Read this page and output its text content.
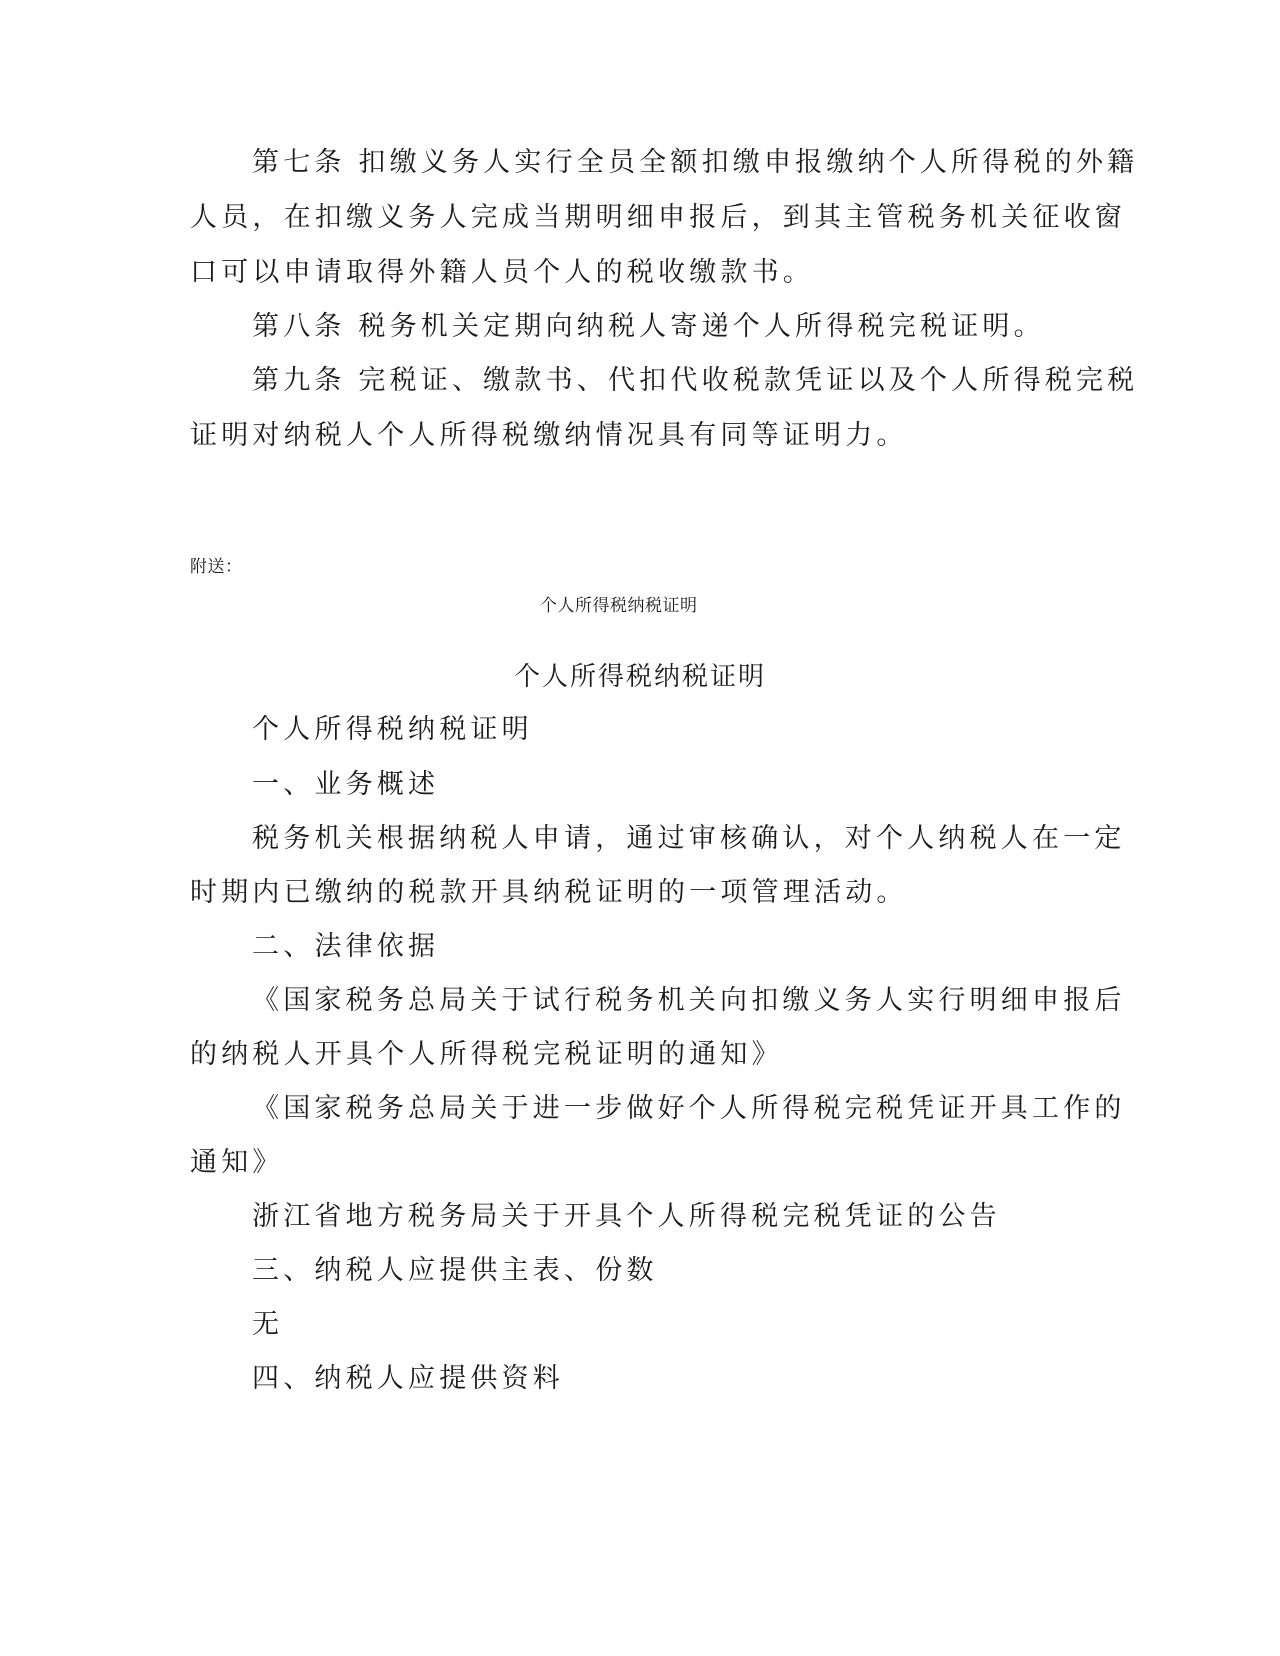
第七条 扣缴义务人实行全员全额扣缴申报缴纳个人所得税的外籍
人员，在扣缴义务人完成当期明细申报后，到其主管税务机关征收窗
口可以申请取得外籍人员个人的税收缴款书。
第八条 税务机关定期向纳税人寄递个人所得税完税证明。
第九条 完税证、缴款书、代扣代收税款凭证以及个人所得税完税
证明对纳税人个人所得税缴纳情况具有同等证明力。
附送：
个人所得税纳税证明
个人所得税纳税证明
个人所得税纳税证明
一、业务概述
税务机关根据纳税人申请，通过审核确认，对个人纳税人在一定
时期内已缴纳的税款开具纳税证明的一项管理活动。
二、法律依据
《国家税务总局关于试行税务机关向扣缴义务人实行明细申报后
的纳税人开具个人所得税完税证明的通知》
《国家税务总局关于进一步做好个人所得税完税凭证开具工作的
通知》
浙江省地方税务局关于开具个人所得税完税凭证的公告
三、纳税人应提供主表、份数
无
四、纳税人应提供资料
